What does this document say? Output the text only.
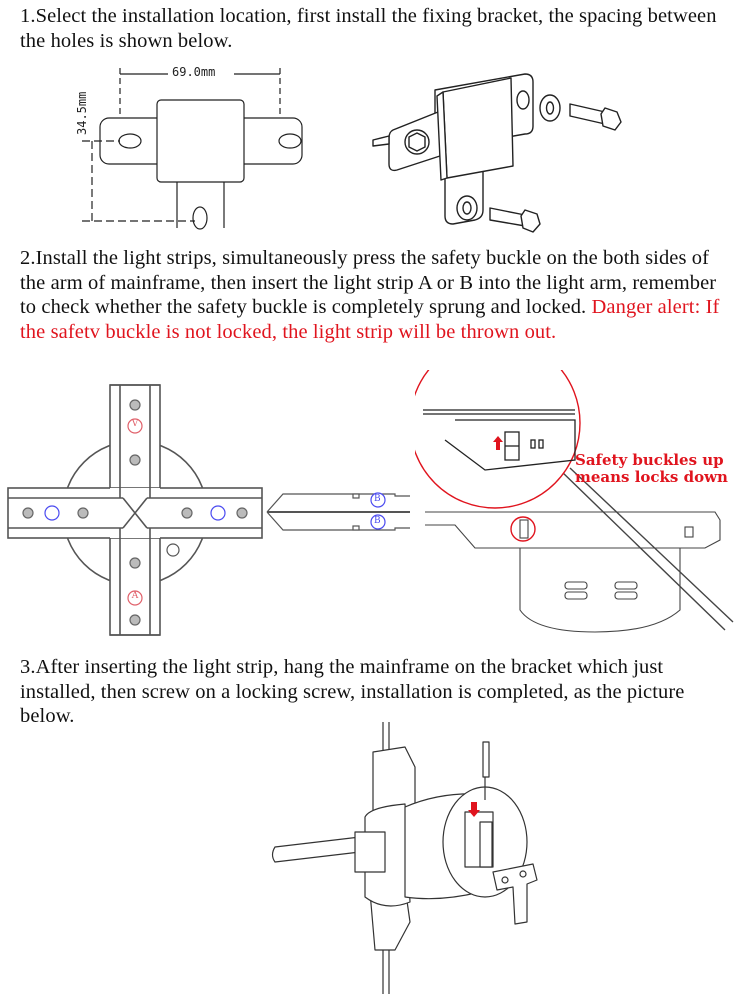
1.Select the installation location, first install the fixing bracket, the spacing between the holes is shown below.
69.0mm
34.5mm
2.Install the light strips, simultaneously press the safety buckle on the both sides of the arm of mainframe, then insert the light strip A or B into the light arm, remember to check whether the safety buckle is completely sprung and locked. Danger alert: If the safetv buckle is not locked, the light strip will be thrown out.
V
A
B
B
Safety buckles up
means locks down
3.After inserting the light strip, hang the mainframe on the bracket which just installed, then screw on a locking screw, installation is completed, as the picture below.
